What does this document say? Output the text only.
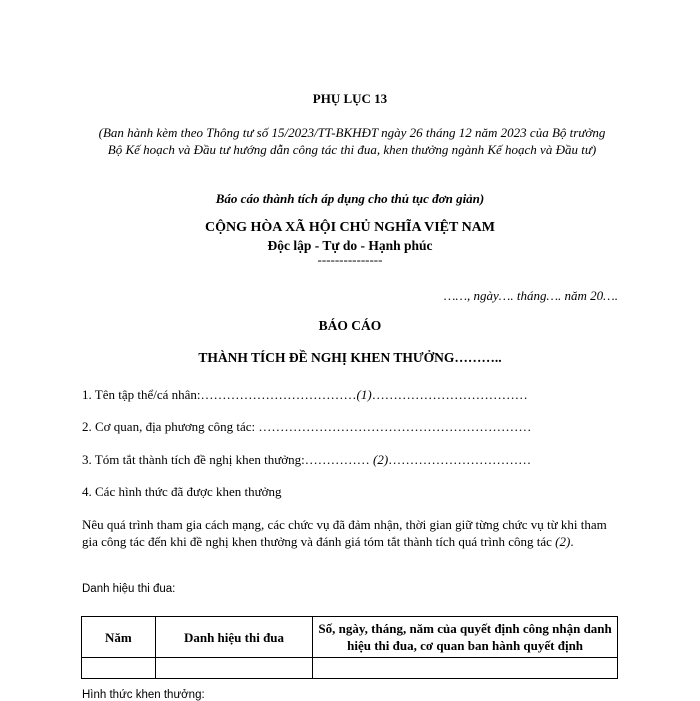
PHỤ LỤC 13
(Ban hành kèm theo Thông tư số 15/2023/TT-BKHĐT ngày 26 tháng 12 năm 2023 của Bộ trưởng Bộ Kế hoạch và Đầu tư hướng dẫn công tác thi đua, khen thưởng ngành Kế hoạch và Đầu tư)
Báo cáo thành tích áp dụng cho thủ tục đơn giản)
CỘNG HÒA XÃ HỘI CHỦ NGHĨA VIỆT NAM
Độc lập - Tự do - Hạnh phúc
---------------
……, ngày…. tháng…. năm 20….
BÁO CÁO
THÀNH TÍCH ĐỀ NGHỊ KHEN THƯỞNG………..
1. Tên tập thể/cá nhân:………………………………(1)………………………………
2. Cơ quan, địa phương công tác: ………………………………………………………
3. Tóm tắt thành tích đề nghị khen thưởng:…………… (2)……………………………
4. Các hình thức đã được khen thưởng
Nêu quá trình tham gia cách mạng, các chức vụ đã đảm nhận, thời gian giữ từng chức vụ từ khi tham gia công tác đến khi đề nghị khen thưởng và đánh giá tóm tắt thành tích quá trình công tác (2).
Danh hiệu thi đua:
Năm	Danh hiệu thi đua	Số, ngày, tháng, năm của quyết định công nhận danh hiệu thi đua, cơ quan ban hành quyết định

Hình thức khen thưởng:
